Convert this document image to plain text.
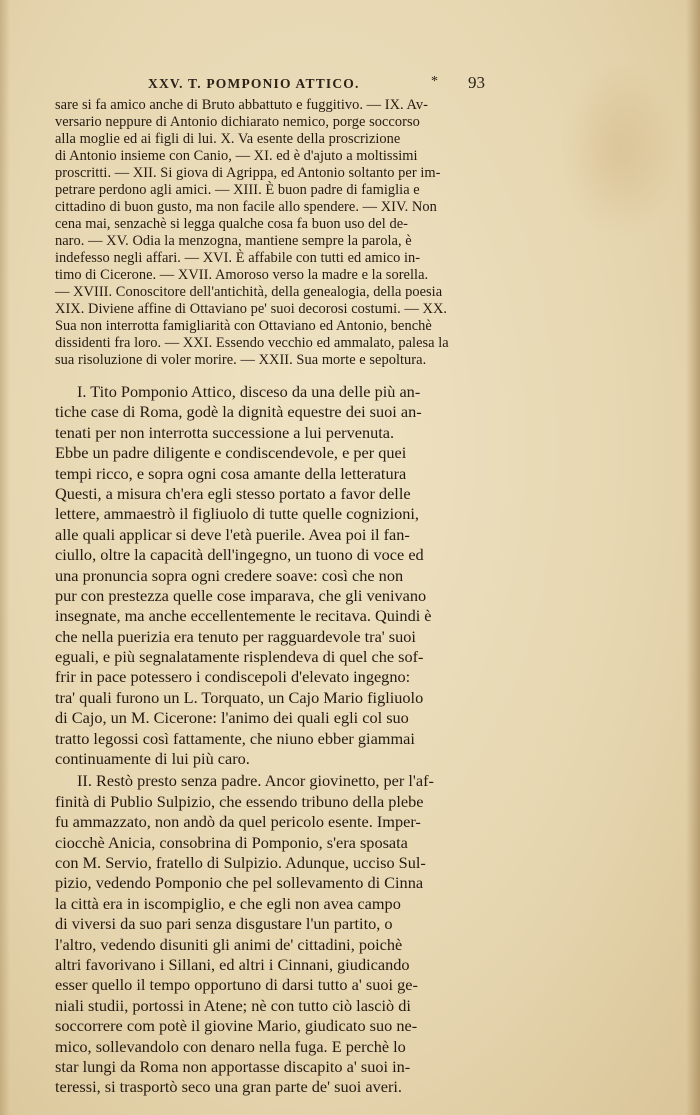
XXV. T. POMPONIO ATTICO.	* 93

sare si fa amico anche di Bruto abbattuto e fuggitivo. — IX. Av-

versario neppure di Antonio dichiarato nemico, porge soccorso

alla moglie ed ai figli di lui. X. Va esente della proscrizione

di Antonio insieme con Canio, — XI. ed è d'ajuto a moltissimi

proscritti. — XII. Si giova di Agrippa, ed Antonio soltanto per im-

petrare perdono agli amici. — XIII. È buon padre di famiglia e

cittadino di buon gusto, ma non facile allo spendere. — XIV. Non

cena mai, senzachè si legga qualche cosa fa buon uso del de-

naro. — XV. Odia la menzogna, mantiene sempre la parola, è

indefesso negli affari. — XVI. È affabile con tutti ed amico in-

timo di Cicerone. — XVII. Amoroso verso la madre e la sorella.

— XVIII. Conoscitore dell'antichità, della genealogia, della poesia

XIX. Diviene affine di Ottaviano pe' suoi decorosi costumi. — XX.

Sua non interrotta famigliarità con Ottaviano ed Antonio, benchè

dissidenti fra loro. — XXI. Essendo vecchio ed ammalato, palesa la

sua risoluzione di voler morire. — XXII. Sua morte e sepoltura.

I. Tito Pomponio Attico, disceso da una delle più an-

tiche case di Roma, godè la dignità equestre dei suoi an-

tenati per non interrotta successione a lui pervenuta.

Ebbe un padre diligente e condiscendevole, e per quei

tempi ricco, e sopra ogni cosa amante della letteratura

Questi, a misura ch'era egli stesso portato a favor delle

lettere, ammaestrò il figliuolo di tutte quelle cognizioni,

alle quali applicar si deve l'età puerile. Avea poi il fan-

ciullo, oltre la capacità dell'ingegno, un tuono di voce ed

una pronuncia sopra ogni credere soave: così che non

pur con prestezza quelle cose imparava, che gli venivano

insegnate, ma anche eccellentemente le recitava. Quindi è

che nella puerizia era tenuto per ragguardevole tra' suoi

eguali, e più segnalatamente risplendeva di quel che sof-

frir in pace potessero i condiscepoli d'elevato ingegno:

tra' quali furono un L. Torquato, un Cajo Mario figliuolo

di Cajo, un M. Cicerone: l'animo dei quali egli col suo

tratto legossi così fattamente, che niuno ebber giammai

continuamente di lui più caro.

II. Restò presto senza padre. Ancor giovinetto, per l'af-

finità di Publio Sulpizio, che essendo tribuno della plebe

fu ammazzato, non andò da quel pericolo esente. Imper-

ciocchè Anicia, consobrina di Pomponio, s'era sposata

con M. Servio, fratello di Sulpizio. Adunque, ucciso Sul-

pizio, vedendo Pomponio che pel sollevamento di Cinna

la città era in iscompiglio, e che egli non avea campo

di viversi da suo pari senza disgustare l'un partito, o

l'altro, vedendo disuniti gli animi de' cittadini, poichè

altri favorivano i Sillani, ed altri i Cinnani, giudicando

esser quello il tempo opportuno di darsi tutto a' suoi ge-

niali studii, portossi in Atene; nè con tutto ciò lasciò di

soccorrere com potè il giovine Mario, giudicato suo ne-

mico, sollevandolo con denaro nella fuga. E perchè lo

star lungi da Roma non apportasse discapito a' suoi in-

teressi, si trasportò seco una gran parte de' suoi averi.
